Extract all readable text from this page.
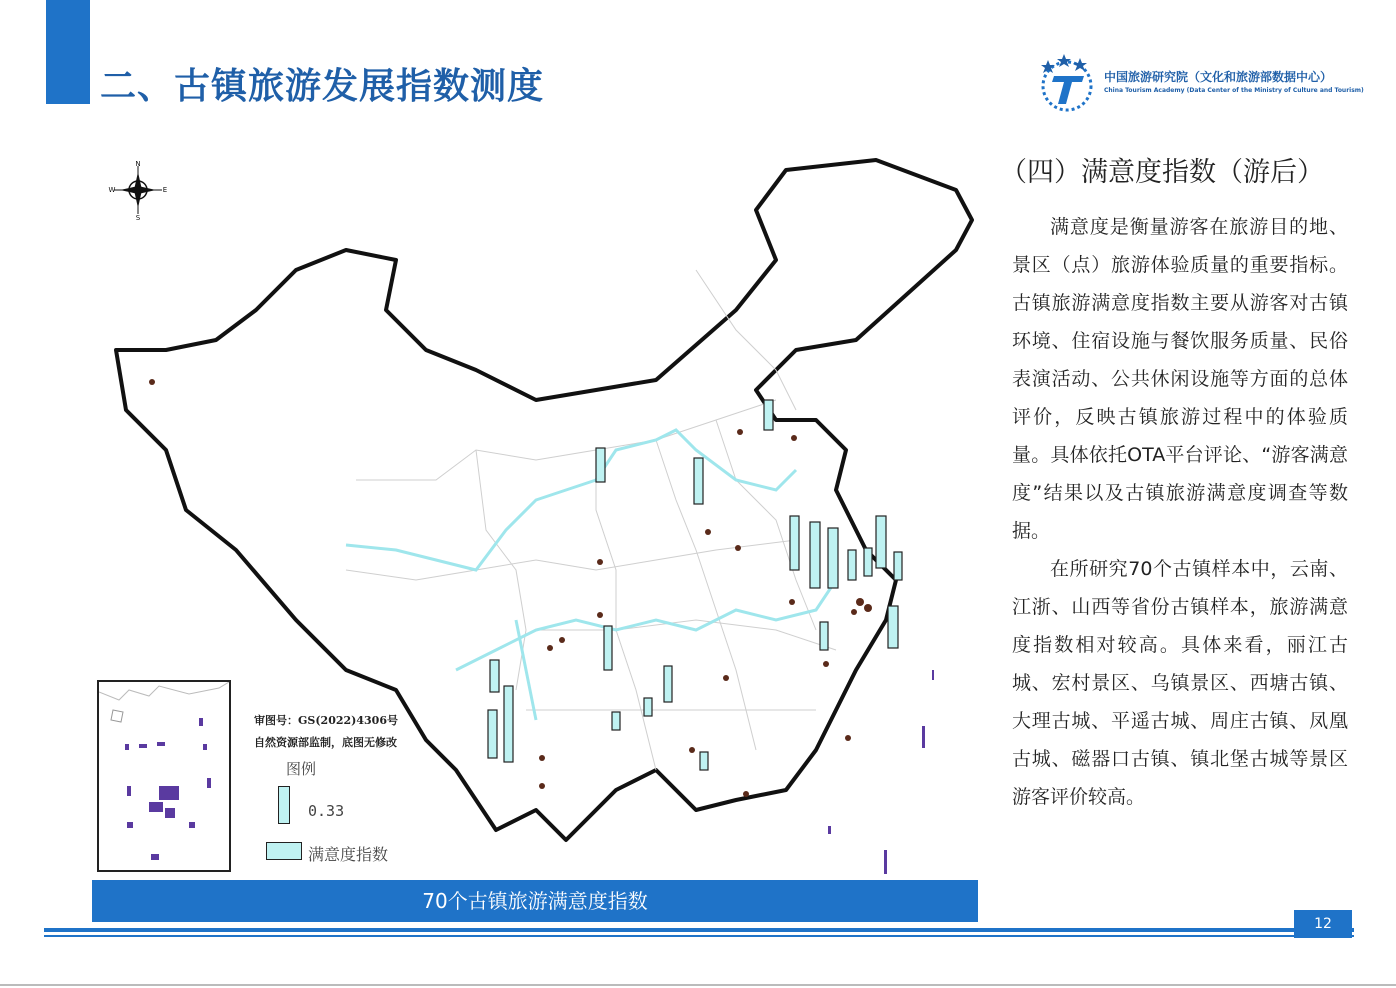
二、古镇旅游发展指数测度	中国旅游研究院（文化和旅游部数据中心）
China Tourism Academy (Data Center of the Ministry of Culture and Tourism)
N
S
E
W
审图号：GS(2022)4306号
自然资源部监制，底图无修改
图例
0.33
满意度指数
70个古镇旅游满意度指数
（四）满意度指数（游后）

满意度是衡量游客在旅游目的地、景区（点）旅游体验质量的重要指标。古镇旅游满意度指数主要从游客对古镇环境、住宿设施与餐饮服务质量、民俗表演活动、公共休闲设施等方面的总体评价，反映古镇旅游过程中的体验质量。具体依托OTA平台评论、“游客满意度”结果以及古镇旅游满意度调查等数据。

在所研究70个古镇样本中，云南、江浙、山西等省份古镇样本，旅游满意度指数相对较高。具体来看，丽江古城、宏村景区、乌镇景区、西塘古镇、大理古城、平遥古城、周庄古镇、凤凰古城、磁器口古镇、镇北堡古城等景区游客评价较高。

12
